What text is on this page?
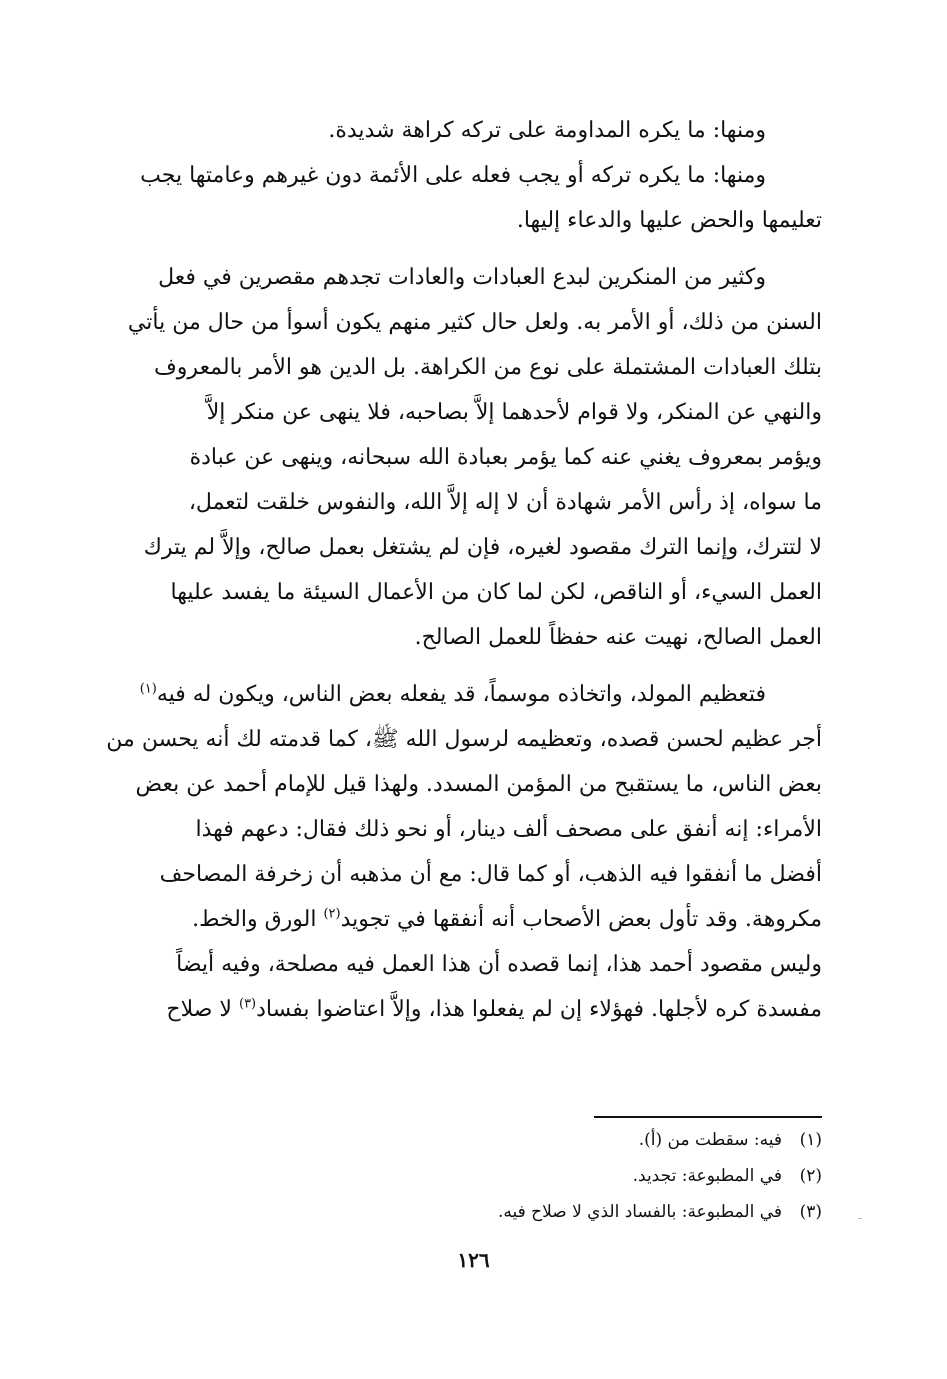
ومنها: ما يكره المداومة على تركه كراهة شديدة.
ومنها: ما يكره تركه أو يجب فعله على الأئمة دون غيرهم وعامتها يجب
تعليمها والحض عليها والدعاء إليها.
وكثير من المنكرين لبدع العبادات والعادات تجدهم مقصرين في فعل
السنن من ذلك، أو الأمر به. ولعل حال كثير منهم يكون أسوأ من حال من يأتي
بتلك العبادات المشتملة على نوع من الكراهة. بل الدين هو الأمر بالمعروف
والنهي عن المنكر، ولا قوام لأحدهما إلاَّ بصاحبه، فلا ينهى عن منكر إلاَّ
ويؤمر بمعروف يغني عنه كما يؤمر بعبادة الله سبحانه، وينهى عن عبادة
ما سواه، إذ رأس الأمر شهادة أن لا إله إلاَّ الله، والنفوس خلقت لتعمل،
لا لتترك، وإنما الترك مقصود لغيره، فإن لم يشتغل بعمل صالح، وإلاَّ لم يترك
العمل السيء، أو الناقص، لكن لما كان من الأعمال السيئة ما يفسد عليها
العمل الصالح، نهيت عنه حفظاً للعمل الصالح.
فتعظيم المولد، واتخاذه موسماً، قد يفعله بعض الناس، ويكون له فيه$^{(١)}$
أجر عظيم لحسن قصده، وتعظيمه لرسول الله ﷺ، كما قدمته لك أنه يحسن من
بعض الناس، ما يستقبح من المؤمن المسدد. ولهذا قيل للإمام أحمد عن بعض
الأمراء: إنه أنفق على مصحف ألف دينار، أو نحو ذلك فقال: دعهم فهذا
أفضل ما أنفقوا فيه الذهب، أو كما قال: مع أن مذهبه أن زخرفة المصاحف
مكروهة. وقد تأول بعض الأصحاب أنه أنفقها في تجويد$^{(٢)}$ الورق والخط.
وليس مقصود أحمد هذا، إنما قصده أن هذا العمل فيه مصلحة، وفيه أيضاً
مفسدة كره لأجلها. فهؤلاء إن لم يفعلوا هذا، وإلاَّ اعتاضوا بفساد$^{(٣)}$ لا صلاح
(١)فيه: سقطت من (أ).
(٢)في المطبوعة: تجديد.
(٣)في المطبوعة: بالفساد الذي لا صلاح فيه.
١٢٦
